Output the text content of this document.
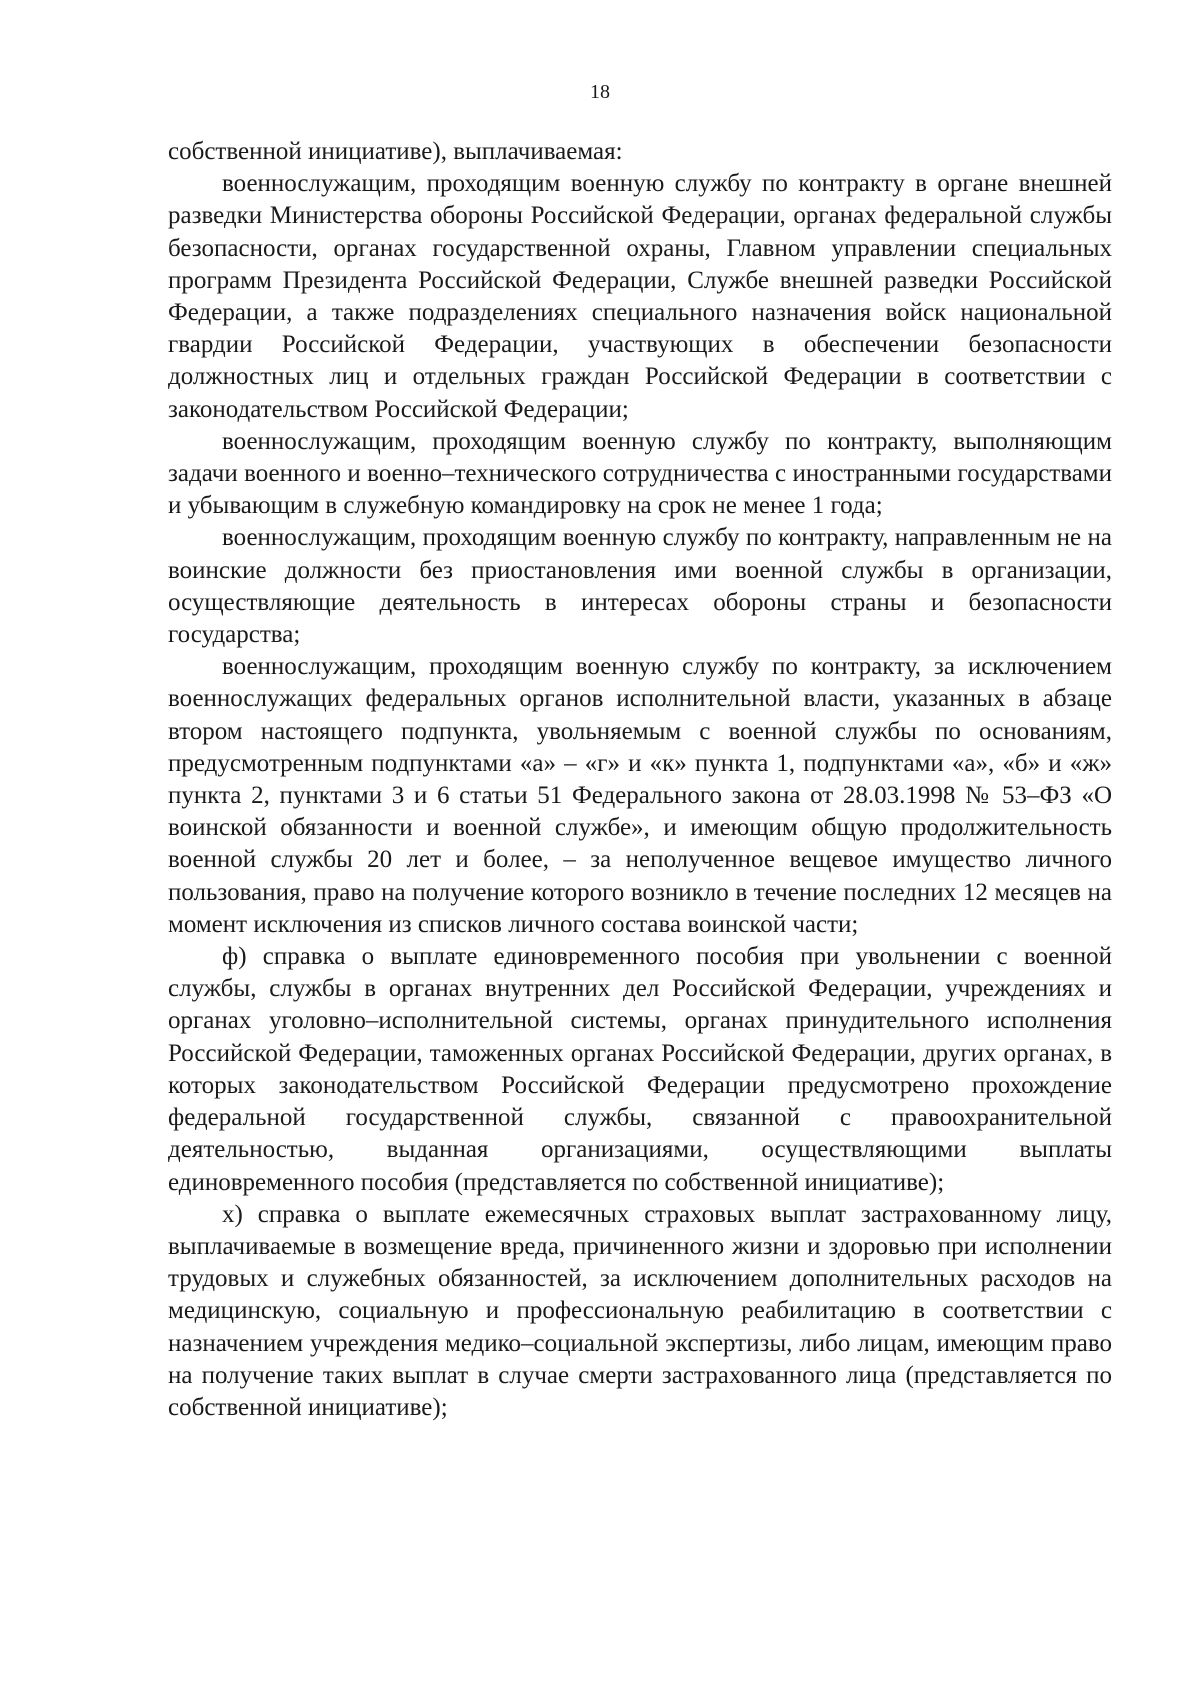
18

собственной инициативе), выплачиваемая:

военнослужащим, проходящим военную службу по контракту в органе внешней разведки Министерства обороны Российской Федерации, органах федеральной службы безопасности, органах государственной охраны, Главном управлении специальных программ Президента Российской Федерации, Службе внешней разведки Российской Федерации, а также подразделениях специального назначения войск национальной гвардии Российской Федерации, участвующих в обеспечении безопасности должностных лиц и отдельных граждан Российской Федерации в соответствии с законодательством Российской Федерации;

военнослужащим, проходящим военную службу по контракту, выполняющим задачи военного и военно–технического сотрудничества с иностранными государствами и убывающим в служебную командировку на срок не менее 1 года;

военнослужащим, проходящим военную службу по контракту, направленным не на воинские должности без приостановления ими военной службы в организации, осуществляющие деятельность в интересах обороны страны и безопасности государства;

военнослужащим, проходящим военную службу по контракту, за исключением военнослужащих федеральных органов исполнительной власти, указанных в абзаце втором настоящего подпункта, увольняемым с военной службы по основаниям, предусмотренным подпунктами «а» – «г» и «к» пункта 1, подпунктами «а», «б» и «ж» пункта 2, пунктами 3 и 6 статьи 51 Федерального закона от 28.03.1998 № 53–ФЗ «О воинской обязанности и военной службе», и имеющим общую продолжительность военной службы 20 лет и более, – за неполученное вещевое имущество личного пользования, право на получение которого возникло в течение последних 12 месяцев на момент исключения из списков личного состава воинской части;

ф) справка о выплате единовременного пособия при увольнении с военной службы, службы в органах внутренних дел Российской Федерации, учреждениях и органах уголовно–исполнительной системы, органах принудительного исполнения Российской Федерации, таможенных органах Российской Федерации, других органах, в которых законодательством Российской Федерации предусмотрено прохождение федеральной государственной службы, связанной с правоохранительной деятельностью, выданная организациями, осуществляющими выплаты единовременного пособия (представляется по собственной инициативе);

х) справка о выплате ежемесячных страховых выплат застрахованному лицу, выплачиваемые в возмещение вреда, причиненного жизни и здоровью при исполнении трудовых и служебных обязанностей, за исключением дополнительных расходов на медицинскую, социальную и профессиональную реабилитацию в соответствии с назначением учреждения медико–социальной экспертизы, либо лицам, имеющим право на получение таких выплат в случае смерти застрахованного лица (представляется по собственной инициативе);
